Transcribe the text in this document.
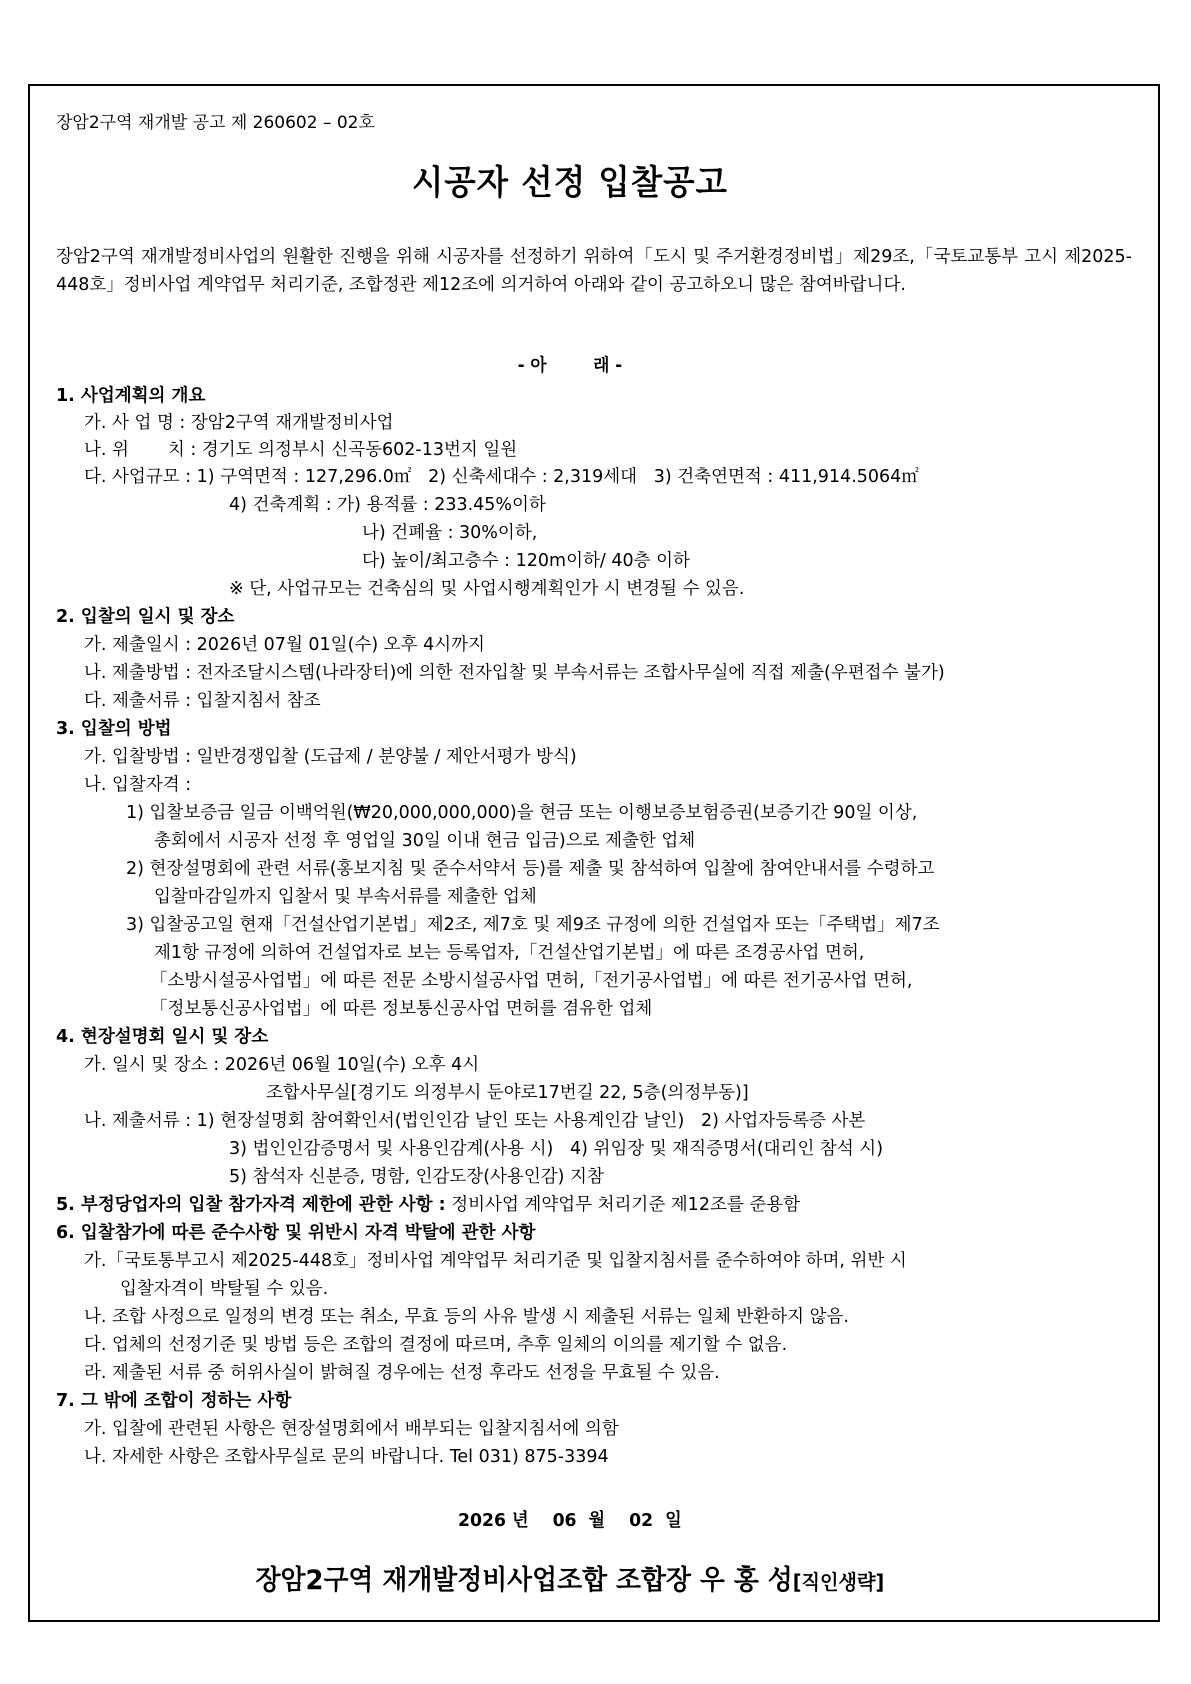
장암2구역 재개발 공고 제 260602 – 02호
시공자 선정 입찰공고
장암2구역 재개발정비사업의 원활한 진행을 위해 시공자를 선정하기 위하여「도시 및 주거환경정비법」제29조,「국토교통부 고시 제2025-448호」정비사업 계약업무 처리기준, 조합정관 제12조에 의거하여 아래와 같이 공고하오니 많은 참여바랍니다.
- 아        래 -
1. 사업계획의 개요
가. 사 업 명 : 장암2구역 재개발정비사업
나. 위       치 : 경기도 의정부시 신곡동602-13번지 일원
다. 사업규모 : 1) 구역면적 : 127,296.0㎡   2) 신축세대수 : 2,319세대   3) 건축연면적 : 411,914.5064㎡
4) 건축계획 : 가) 용적률 : 233.45%이하
나) 건폐율 : 30%이하,
다) 높이/최고층수 : 120m이하/ 40층 이하
※ 단, 사업규모는 건축심의 및 사업시행계획인가 시 변경될 수 있음.
2. 입찰의 일시 및 장소
가. 제출일시 : 2026년 07월 01일(수) 오후 4시까지
나. 제출방법 : 전자조달시스템(나라장터)에 의한 전자입찰 및 부속서류는 조합사무실에 직접 제출(우편접수 불가)
다. 제출서류 : 입찰지침서 참조
3. 입찰의 방법
가. 입찰방법 : 일반경쟁입찰 (도급제 / 분양불 / 제안서평가 방식)
나. 입찰자격 :
1) 입찰보증금 일금 이백억원(₩20,000,000,000)을 현금 또는 이행보증보험증권(보증기간 90일 이상,
총회에서 시공자 선정 후 영업일 30일 이내 현금 입금)으로 제출한 업체
2) 현장설명회에 관련 서류(홍보지침 및 준수서약서 등)를 제출 및 참석하여 입찰에 참여안내서를 수령하고
입찰마감일까지 입찰서 및 부속서류를 제출한 업체
3) 입찰공고일 현재「건설산업기본법」제2조, 제7호 및 제9조 규정에 의한 건설업자 또는「주택법」제7조
제1항 규정에 의하여 건설업자로 보는 등록업자,「건설산업기본법」에 따른 조경공사업 면허,
「소방시설공사업법」에 따른 전문 소방시설공사업 면허,「전기공사업법」에 따른 전기공사업 면허,
「정보통신공사업법」에 따른 정보통신공사업 면허를 겸유한 업체
4. 현장설명회 일시 및 장소
가. 일시 및 장소 : 2026년 06월 10일(수) 오후 4시
조합사무실[경기도 의정부시 둔야로17번길 22, 5층(의정부동)]
나. 제출서류 : 1) 현장설명회 참여확인서(법인인감 날인 또는 사용계인감 날인)   2) 사업자등록증 사본
3) 법인인감증명서 및 사용인감계(사용 시)   4) 위임장 및 재직증명서(대리인 참석 시)
5) 참석자 신분증, 명함, 인감도장(사용인감) 지참
5. 부정당업자의 입찰 참가자격 제한에 관한 사항 : 정비사업 계약업무 처리기준 제12조를 준용함
6. 입찰참가에 따른 준수사항 및 위반시 자격 박탈에 관한 사항
가.「국토통부고시 제2025-448호」정비사업 계약업무 처리기준 및 입찰지침서를 준수하여야 하며, 위반 시
입찰자격이 박탈될 수 있음.
나. 조합 사정으로 일정의 변경 또는 취소, 무효 등의 사유 발생 시 제출된 서류는 일체 반환하지 않음.
다. 업체의 선정기준 및 방법 등은 조합의 결정에 따르며, 추후 일체의 이의를 제기할 수 없음.
라. 제출된 서류 중 허위사실이 밝혀질 경우에는 선정 후라도 선정을 무효될 수 있음.
7. 그 밖에 조합이 정하는 사항
가. 입찰에 관련된 사항은 현장설명회에서 배부되는 입찰지침서에 의함
나. 자세한 사항은 조합사무실로 문의 바랍니다. Tel 031) 875-3394
2026 년    06  월    02  일
장암2구역 재개발정비사업조합 조합장 우 홍 성[직인생략]
